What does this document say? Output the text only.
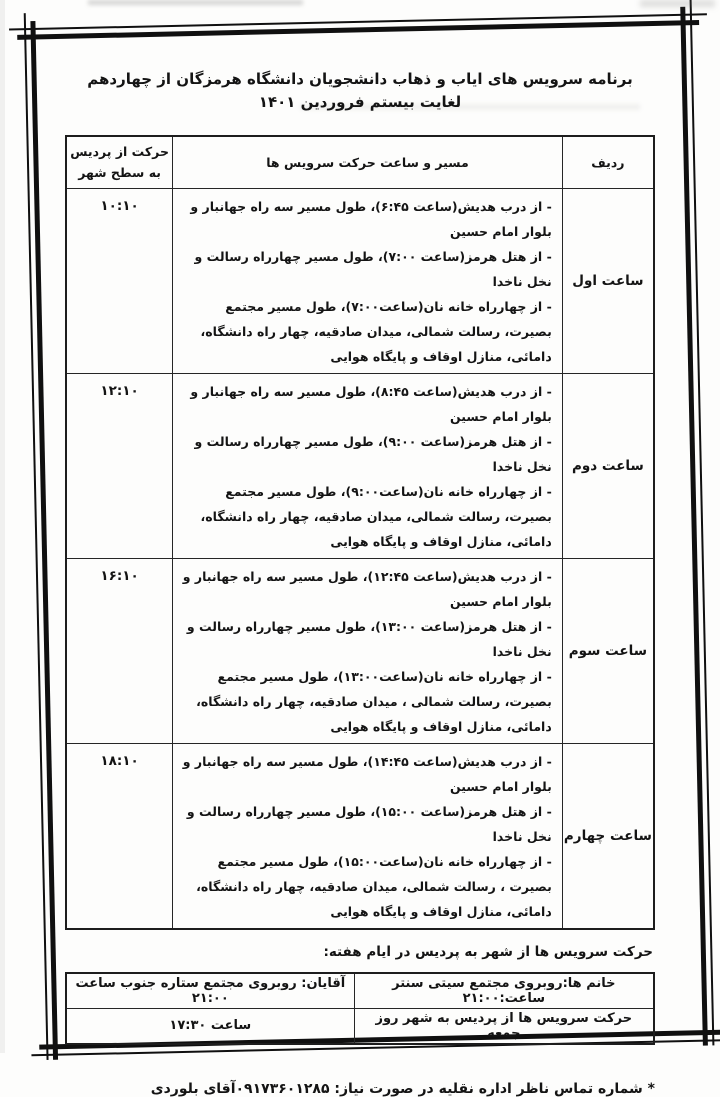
برنامه سرویس های ایاب و ذهاب دانشجویان دانشگاه هرمزگان از چهاردهم لغایت بیستم فروردین ۱۴۰۱
ردیف	مسیر و ساعت حرکت سرویس ها	حرکت از پردیس به سطح شهر
ساعت اول	- از درب هدیش(ساعت ۶:۴۵)، طول مسیر سه راه جهانبار و بلوار امام حسین
- از هتل هرمز(ساعت ۷:۰۰)، طول مسیر چهارراه رسالت و نخل ناخدا
- از چهارراه خانه نان(ساعت۷:۰۰)، طول مسیر مجتمع بصیرت، رسالت شمالی، میدان صادقیه، چهار راه دانشگاه، دامائی، منازل اوقاف و پایگاه هوایی	۱۰:۱۰
ساعت دوم	- از درب هدیش(ساعت ۸:۴۵)، طول مسیر سه راه جهانبار و بلوار امام حسین
- از هتل هرمز(ساعت ۹:۰۰)، طول مسیر چهارراه رسالت و نخل ناخدا
- از چهارراه خانه نان(ساعت۹:۰۰)، طول مسیر مجتمع بصیرت، رسالت شمالی، میدان صادقیه، چهار راه دانشگاه، دامائی، منازل اوقاف و پایگاه هوایی	۱۲:۱۰
ساعت سوم	- از درب هدیش(ساعت ۱۲:۴۵)، طول مسیر سه راه جهانبار و بلوار امام حسین
- از هتل هرمز(ساعت ۱۳:۰۰)، طول مسیر چهارراه رسالت و نخل ناخدا
- از چهارراه خانه نان(ساعت۱۳:۰۰)، طول مسیر مجتمع بصیرت، رسالت شمالی ، میدان صادقیه، چهار راه دانشگاه، دامائی، منازل اوقاف و پایگاه هوایی	۱۶:۱۰
ساعت چهارم	- از درب هدیش(ساعت ۱۴:۴۵)، طول مسیر سه راه جهانبار و بلوار امام حسین
- از هتل هرمز(ساعت ۱۵:۰۰)، طول مسیر چهارراه رسالت و نخل ناخدا
- از چهارراه خانه نان(ساعت۱۵:۰۰)، طول مسیر مجتمع بصیرت ، رسالت شمالی، میدان صادقیه، چهار راه دانشگاه، دامائی، منازل اوقاف و پایگاه هوایی	۱۸:۱۰
حرکت سرویس ها از شهر به پردیس در ایام هفته:
خانم ها:روبروی مجتمع سیتی سنتر ساعت:۲۱:۰۰	آقایان: روبروی مجتمع ستاره جنوب ساعت ۲۱:۰۰
حرکت سرویس ها از پردیس به شهر روز جمعه	ساعت ۱۷:۳۰
* شماره تماس ناظر اداره نقلیه در صورت نیاز: ۰۹۱۷۳۶۰۱۲۸۵آقای بلوردی
